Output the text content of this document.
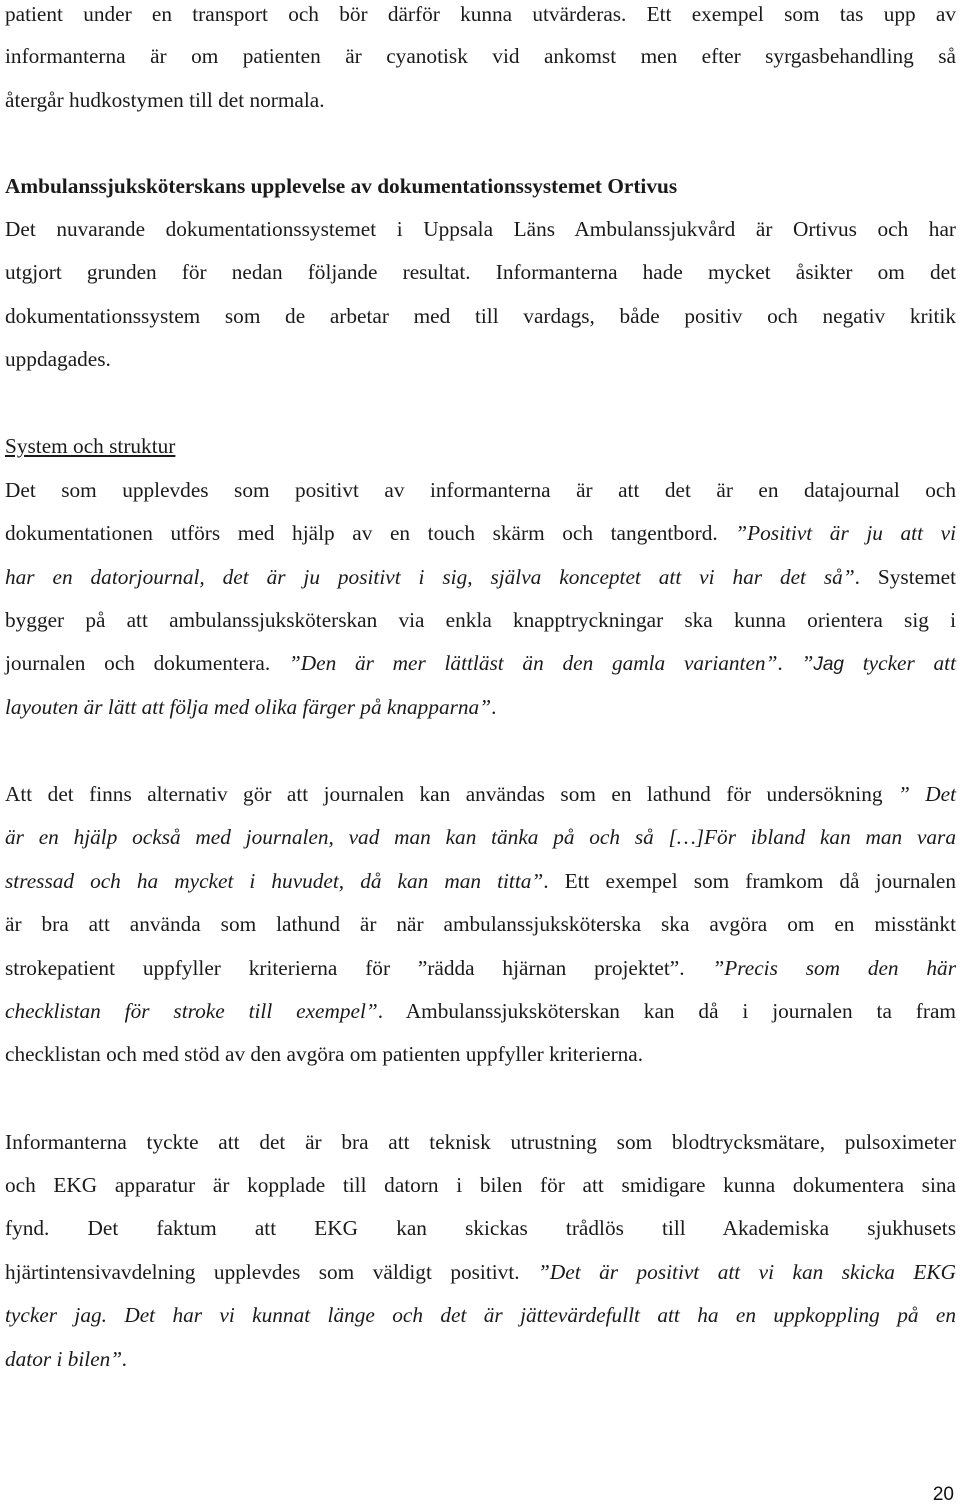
patient under en transport och bör därför kunna utvärderas. Ett exempel som tas upp av
informanterna är om patienten är cyanotisk vid ankomst men efter syrgasbehandling så
återgår hudkostymen till det normala.
Ambulanssjuksköterskans upplevelse av dokumentationssystemet Ortivus
Det nuvarande dokumentationssystemet i Uppsala Läns Ambulanssjukvård är Ortivus och har
utgjort grunden för nedan följande resultat. Informanterna hade mycket åsikter om det
dokumentationssystem som de arbetar med till vardags, både positiv och negativ kritik
uppdagades.
System och struktur
Det som upplevdes som positivt av informanterna är att det är en datajournal och
dokumentationen utförs med hjälp av en touch skärm och tangentbord. ”Positivt är ju att vi
har en datorjournal, det är ju positivt i sig, själva konceptet att vi har det så”. Systemet
bygger på att ambulanssjuksköterskan via enkla knapptryckningar ska kunna orientera sig i
journalen och dokumentera. ”Den är mer lättläst än den gamla varianten”. ”Jag tycker att
layouten är lätt att följa med olika färger på knapparna”.
Att det finns alternativ gör att journalen kan användas som en lathund för undersökning ” Det
är en hjälp också med journalen, vad man kan tänka på och så […]För ibland kan man vara
stressad och ha mycket i huvudet, då kan man titta”. Ett exempel som framkom då journalen
är bra att använda som lathund är när ambulanssjuksköterska ska avgöra om en misstänkt
strokepatient uppfyller kriterierna för ”rädda hjärnan projektet”. ”Precis som den här
checklistan för stroke till exempel”. Ambulanssjuksköterskan kan då i journalen ta fram
checklistan och med stöd av den avgöra om patienten uppfyller kriterierna.
Informanterna tyckte att det är bra att teknisk utrustning som blodtrycksmätare, pulsoximeter
och EKG apparatur är kopplade till datorn i bilen för att smidigare kunna dokumentera sina
fynd. Det faktum att EKG kan skickas trådlös till Akademiska sjukhusets
hjärtintensivavdelning upplevdes som väldigt positivt. ”Det är positivt att vi kan skicka EKG
tycker jag. Det har vi kunnat länge och det är jättevärdefullt att ha en uppkoppling på en
dator i bilen”.
20
